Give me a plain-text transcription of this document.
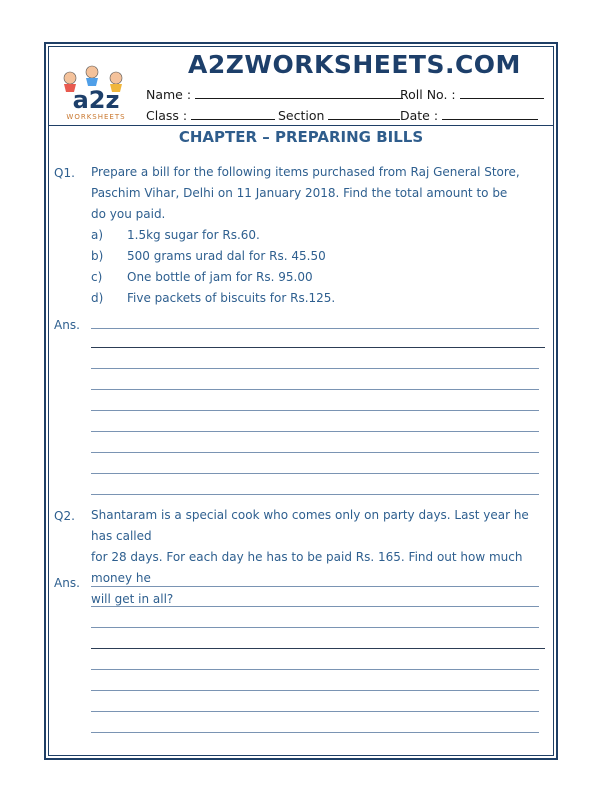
a2z
WORKSHEETS
A2ZWORKSHEETS.COM
Name :	Roll No. :
Class :	Section	Date :
CHAPTER – PREPARING BILLS
Q1. Prepare a bill for the following items purchased from Raj General Store,
Paschim Vihar, Delhi on 11 January 2018. Find the total amount to be
do you paid.
a) 1.5kg sugar for Rs.60.
b) 500 grams urad dal for Rs. 45.50
c) One bottle of jam for Rs. 95.00
d) Five packets of biscuits for Rs.125.
Ans.
Q2. Shantaram is a special cook who comes only on party days. Last year he has called
for 28 days. For each day he has to be paid Rs. 165. Find out how much money he
will get in all?
Ans.
